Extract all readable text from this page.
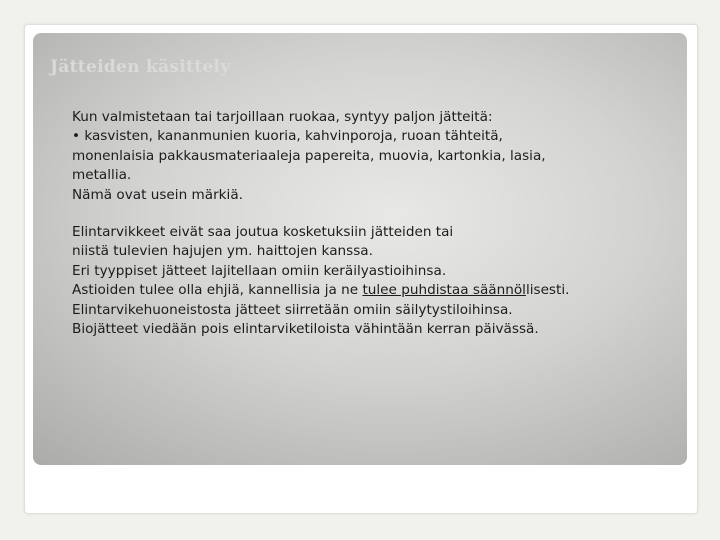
Jätteiden käsittely
Kun valmistetaan tai tarjoillaan ruokaa, syntyy paljon jätteitä:
• kasvisten, kananmunien kuoria, kahvinporoja, ruoan tähteitä,
monenlaisia pakkausmateriaaleja papereita, muovia, kartonkia, lasia,
metallia.
Nämä ovat usein märkiä.
Elintarvikkeet eivät saa joutua kosketuksiin jätteiden tai
niistä tulevien hajujen ym. haittojen kanssa.
Eri tyyppiset jätteet lajitellaan omiin keräilyastioihinsa.
Astioiden tulee olla ehjiä, kannellisia ja ne tulee puhdistaa säännöllisesti.
Elintarvikehuoneistosta jätteet siirretään omiin säilytystiloihinsa.
Biojätteet viedään pois elintarviketiloista vähintään kerran päivässä.
